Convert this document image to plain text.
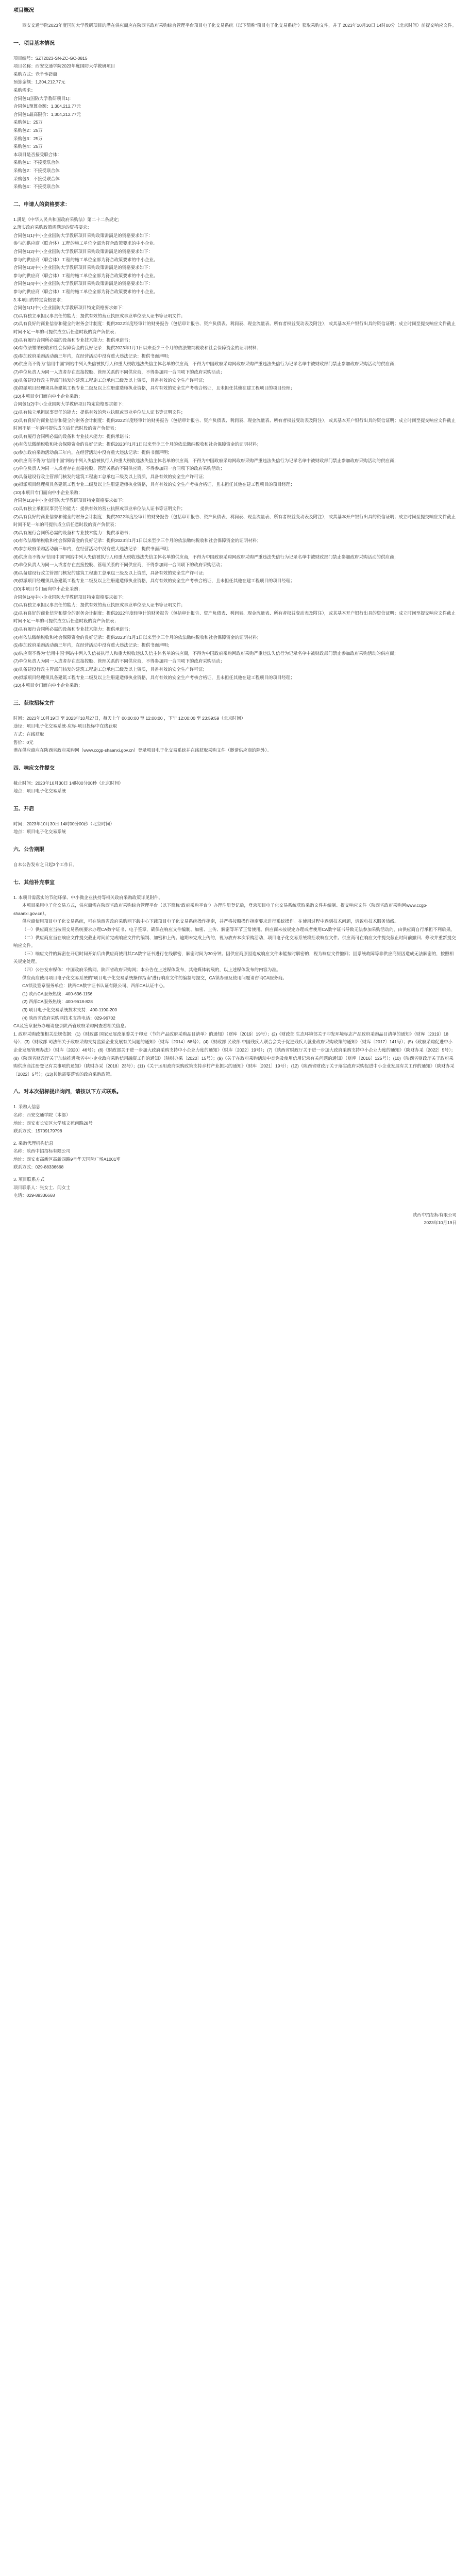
项目概况

西安交通学院2023年度国防大学教研项目的潜在供应商应在陕西省政府采购综合管理平台项目电子化交易系统（以下简称“项目电子化交易系统”）获取采购文件，并于 2023年10月30日 14时00分（北京时间）前提交响应文件。

一、项目基本情况

项目编号：SZT2023-SN-ZC-GC-0815

项目名称：西安交通学院2023年度国防大学教研项目

采购方式：竞争性磋商

预算金额：1,304,212.77元

采购需求：

合同包1(国防大学教研项目1):

合同包1预算金额：1,304,212.77元

合同包1最高限价：1,304,212.77元

采购包1：25万

采购包2：25万

采购包3：25万

采购包4：25万

本项目是否接受联合体：

采购包1：不接受联合体

采购包2：不接受联合体

采购包3：不接受联合体

采购包4：不接受联合体

二、申请人的资格要求：

1.满足《中华人民共和国政府采购法》第二十二条规定;

2.落实政府采购政策需满足的资格要求：

合同包1(1)中小企业国防大学教研项目采购政策需满足的资格要求如下：

参与的供应商（联合体）工程的施工单位全部为符合政策要求的中小企业。

合同包1(2)中小企业国防大学教研项目采购政策需满足的资格要求如下：

参与的供应商（联合体）工程的施工单位全部为符合政策要求的中小企业。

合同包1(3)中小企业国防大学教研项目采购政策需满足的资格要求如下：

参与的供应商（联合体）工程的施工单位全部为符合政策要求的中小企业。

合同包1(4)中小企业国防大学教研项目采购政策需满足的资格要求如下：

参与的供应商（联合体）工程的施工单位全部为符合政策要求的中小企业。

3.本项目的特定资格要求：

合同包1(1)中小企业国防大学教研项目特定资格要求如下：

(1)具有独立承担民事责任的能力：提供有效的营业执照或事业单位法人证书等证明文件；

(2)具有良好的商业信誉和健全的财务会计制度：提供2022年度经审计的财务报告（包括审计报告、资产负债表、利润表、现金流量表、所有者权益变动表及附注），或其基本开户银行出具的资信证明；成立时间至提交响应文件截止时间不足一年的可提供成立后任意时段的资产负债表；

(3)具有履行合同所必需的设备和专业技术能力：提供承诺书；

(4)有依法缴纳税收和社会保障资金的良好记录：提供2023年1月1日以来至少三个月的依法缴纳税收和社会保障资金的证明材料；

(5)参加政府采购活动前三年内，在经营活动中没有重大违法记录：提供书面声明；

(6)供应商不得为“信用中国”网站中列入失信被执行人和重大税收违法失信主体名单的供应商，不得为中国政府采购网政府采购严重违法失信行为记录名单中被财政部门禁止参加政府采购活动的供应商；

(7)单位负责人为同一人或者存在直接控股、管理关系的不同供应商，不得参加同一合同项下的政府采购活动；

(8)具备建设行政主管部门核发的建筑工程施工总承包三级及以上资质，具备有效的安全生产许可证；

(9)拟派项目经理须具备建筑工程专业二级及以上注册建造师执业资格，具有有效的安全生产考核合格证，且未担任其他在建工程项目的项目经理；

(10)本项目专门面向中小企业采购；

合同包1(2)中小企业国防大学教研项目特定资格要求如下：

(1)具有独立承担民事责任的能力：提供有效的营业执照或事业单位法人证书等证明文件；

(2)具有良好的商业信誉和健全的财务会计制度：提供2022年度经审计的财务报告（包括审计报告、资产负债表、利润表、现金流量表、所有者权益变动表及附注），或其基本开户银行出具的资信证明；成立时间至提交响应文件截止时间不足一年的可提供成立后任意时段的资产负债表；

(3)具有履行合同所必需的设备和专业技术能力：提供承诺书；

(4)有依法缴纳税收和社会保障资金的良好记录：提供2023年1月1日以来至少三个月的依法缴纳税收和社会保障资金的证明材料；

(5)参加政府采购活动前三年内，在经营活动中没有重大违法记录：提供书面声明；

(6)供应商不得为“信用中国”网站中列入失信被执行人和重大税收违法失信主体名单的供应商，不得为中国政府采购网政府采购严重违法失信行为记录名单中被财政部门禁止参加政府采购活动的供应商；

(7)单位负责人为同一人或者存在直接控股、管理关系的不同供应商，不得参加同一合同项下的政府采购活动；

(8)具备建设行政主管部门核发的建筑工程施工总承包三级及以上资质，具备有效的安全生产许可证；

(9)拟派项目经理须具备建筑工程专业二级及以上注册建造师执业资格，具有有效的安全生产考核合格证，且未担任其他在建工程项目的项目经理；

(10)本项目专门面向中小企业采购；

合同包1(3)中小企业国防大学教研项目特定资格要求如下：

(1)具有独立承担民事责任的能力：提供有效的营业执照或事业单位法人证书等证明文件；

(2)具有良好的商业信誉和健全的财务会计制度：提供2022年度经审计的财务报告（包括审计报告、资产负债表、利润表、现金流量表、所有者权益变动表及附注），或其基本开户银行出具的资信证明；成立时间至提交响应文件截止时间不足一年的可提供成立后任意时段的资产负债表；

(3)具有履行合同所必需的设备和专业技术能力：提供承诺书；

(4)有依法缴纳税收和社会保障资金的良好记录：提供2023年1月1日以来至少三个月的依法缴纳税收和社会保障资金的证明材料；

(5)参加政府采购活动前三年内，在经营活动中没有重大违法记录：提供书面声明；

(6)供应商不得为“信用中国”网站中列入失信被执行人和重大税收违法失信主体名单的供应商，不得为中国政府采购网政府采购严重违法失信行为记录名单中被财政部门禁止参加政府采购活动的供应商；

(7)单位负责人为同一人或者存在直接控股、管理关系的不同供应商，不得参加同一合同项下的政府采购活动；

(8)具备建设行政主管部门核发的建筑工程施工总承包三级及以上资质，具备有效的安全生产许可证；

(9)拟派项目经理须具备建筑工程专业二级及以上注册建造师执业资格，具有有效的安全生产考核合格证，且未担任其他在建工程项目的项目经理；

(10)本项目专门面向中小企业采购；

合同包1(4)中小企业国防大学教研项目特定资格要求如下：

(1)具有独立承担民事责任的能力：提供有效的营业执照或事业单位法人证书等证明文件；

(2)具有良好的商业信誉和健全的财务会计制度：提供2022年度经审计的财务报告（包括审计报告、资产负债表、利润表、现金流量表、所有者权益变动表及附注），或其基本开户银行出具的资信证明；成立时间至提交响应文件截止时间不足一年的可提供成立后任意时段的资产负债表；

(3)具有履行合同所必需的设备和专业技术能力：提供承诺书；

(4)有依法缴纳税收和社会保障资金的良好记录：提供2023年1月1日以来至少三个月的依法缴纳税收和社会保障资金的证明材料；

(5)参加政府采购活动前三年内，在经营活动中没有重大违法记录：提供书面声明；

(6)供应商不得为“信用中国”网站中列入失信被执行人和重大税收违法失信主体名单的供应商，不得为中国政府采购网政府采购严重违法失信行为记录名单中被财政部门禁止参加政府采购活动的供应商；

(7)单位负责人为同一人或者存在直接控股、管理关系的不同供应商，不得参加同一合同项下的政府采购活动；

(8)具备建设行政主管部门核发的建筑工程施工总承包三级及以上资质，具备有效的安全生产许可证；

(9)拟派项目经理须具备建筑工程专业二级及以上注册建造师执业资格，具有有效的安全生产考核合格证，且未担任其他在建工程项目的项目经理；

(10)本项目专门面向中小企业采购；

三、获取招标文件

时间：2023年10月19日 至 2023年10月27日，每天上午 00:00:00 至 12:00:00 ，下午 12:00:00 至 23:59:59（北京时间）

途径：项目电子化交易系统-应标-项目投标中在线获取

方式：在线获取

售价：0元

潜在供应商应在陕西省政府采购网（www.ccgp-shaanxi.gov.cn）登录项目电子化交易系统并在线获取采购文件（邀请供应商的除外）。

四、响应文件提交

截止时间：2023年10月30日 14时00分00秒（北京时间）

地点：项目电子化交易系统

五、开启

时间：2023年10月30日 14时00分00秒（北京时间）

地点：项目电子化交易系统

六、公告期限

自本公告发布之日起3个工作日。

七、其他补充事宜

1. 本项目需落实的节能环保、中小微企业扶持等相关政府采购政策详见附件。

本项目采用电子化交易方式，供应商需在陕西省政府采购综合管理平台（以下简称“政府采购平台”）办理注册登记后，登录项目电子化交易系统获取采购文件并编制、提交响应文件（陕西省政府采购网www.ccgp-shaanxi.gov.cn）。

供应商使用项目电子化交易系统，可在陕西省政府采购网下载中心下载项目电子化交易系统操作指南，并严格按照操作指南要求进行系统操作。在使用过程中遇到技术问题，请致电技术服务热线。

（一）供应商应当按照交易系统要求办理CA数字证书、电子签章，确保在响应文件编制、加密、上传、解密等环节正常使用。供应商未按规定办理或者使用CA数字证书导致无法参加采购活动的，由供应商自行承担不利后果。

（二）供应商应当在响应文件提交截止时间前完成响应文件的编制、加密和上传。逾期未完成上传的，视为放弃本次采购活动，项目电子化交易系统将拒收响应文件。供应商可在响应文件提交截止时间前撤回、修改并重新提交响应文件。

（三）响应文件的解密在开启时间开始后由供应商使用其CA数字证书进行在线解密，解密时间为30分钟。因供应商原因造成响应文件未能按时解密的，视为响应文件撤回；因系统故障等非供应商原因造成无法解密的，按照相关规定处理。

（四）公告发布媒体：中国政府采购网、陕西省政府采购网；本公告在上述媒体发布，其他媒体转载的，以上述媒体发布的内容为准。

供应商应使用项目电子化交易系统的“项目电子化交易系统操作指南”进行响应文件的编制与提交，CA锁办理及使用问题请咨询CA服务商。

CA锁及签章服务单位：陕西CA数字证书认证有限公司、西部CA认证中心。

(1) 陕西CA服务热线：400-636-1156

(2) 西部CA服务热线：400-9618-828

(3) 项目电子化交易系统技术支持：400-1190-200

(4) 陕西省政府采购网技术支持电话：029-96702

CA及签章服务办理请登录陕西省政府采购网查看相关信息。

1. 政府采购政策相关法规依据：(1)《财政部 国家发展改革委关于印发〈节能产品政府采购品目清单〉的通知》（财库〔2019〕19号）；(2)《财政部 生态环境部关于印发环境标志产品政府采购品目清单的通知》（财库〔2019〕18号）；(3)《财政部 司法部关于政府采购支持监狱企业发展有关问题的通知》（财库〔2014〕68号）；(4)《财政部 民政部 中国残疾人联合会关于促进残疾人就业政府采购政策的通知》（财库〔2017〕141号）；(5)《政府采购促进中小企业发展管理办法》（财库〔2020〕46号）；(6)《财政部关于进一步加大政府采购支持中小企业力度的通知》（财库〔2022〕19号）；(7)《陕西省财政厅关于进一步加大政府采购支持中小企业力度的通知》（陕财办采〔2022〕5号）；(8)《陕西省财政厅关于加快推进我省中小企业政府采购信用融资工作的通知》（陕财办采〔2020〕15号）；(9)《关于在政府采购活动中查询及使用信用记录有关问题的通知》（财库〔2016〕125号）；(10)《陕西省财政厅关于政府采购供应商注册登记有关事项的通知》（陕财办采〔2018〕23号）；(11)《关于运用政府采购政策支持乡村产业振兴的通知》（财库〔2021〕19号）；(12)《陕西省财政厅关于落实政府采购促进中小企业发展有关工作的通知》（陕财办采〔2022〕5号）；(13)其他需要落实的政府采购政策。

八、对本次招标提出询问，请按以下方式联系。

1. 采购人信息

名称：西安交通学院（本部）

地址：西安市长安区大学城文苑南路28号

联系方式：15709179798

2. 采购代理机构信息

名称：陕西中招招标有限公司

地址：西安市高新区高新四路9号华天国际广场A1001室

联系方式：029-88336668

3. 项目联系方式

项目联系人：张女士、闫女士

电话：029-88336668

陕西中招招标有限公司

2023年10月19日
